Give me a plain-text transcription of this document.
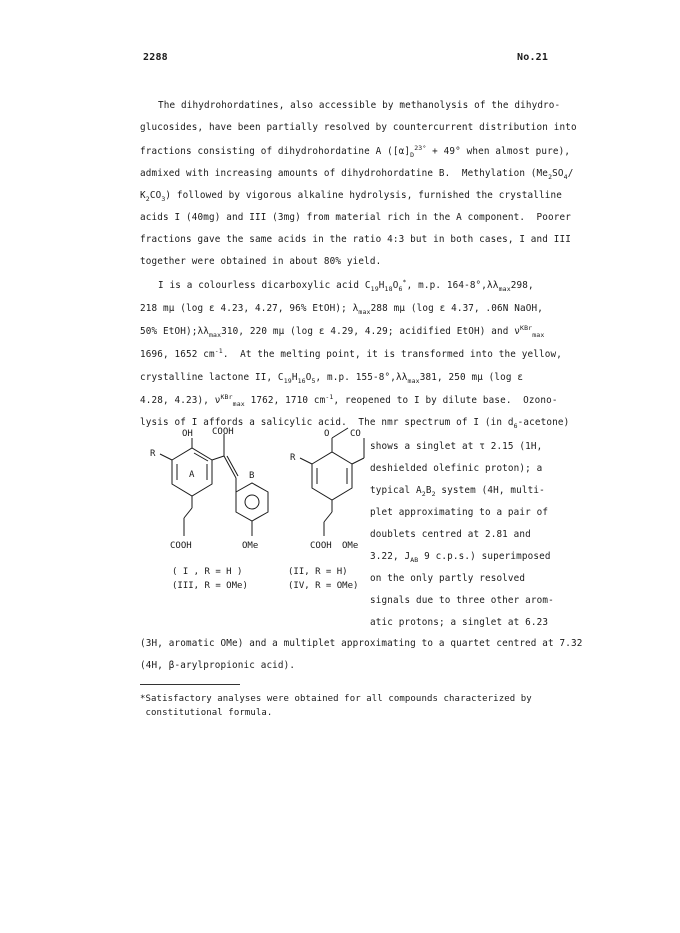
2288	No.21
The dihydrohordatines, also accessible by methanolysis of the dihydro-
glucosides, have been partially resolved by countercurrent distribution into
fractions consisting of dihydrohordatine A ($[\alpha]_D^{23^\circ} + 49^\circ$ when almost pure),
admixed with increasing amounts of dihydrohordatine B.  Methylation ($Me_2SO_4/$
$K_2CO_3$) followed by vigorous alkaline hydrolysis, furnished the crystalline
acids I (40mg) and III (3mg) from material rich in the A component.  Poorer
fractions gave the same acids in the ratio 4:3 but in both cases, I and III
together were obtained in about 80% yield.
I is a colourless dicarboxylic acid $C_{19}H_{18}O_6^*$, m.p. $164-8^\circ,\lambda\lambda_{max}298$,
218 mμ (log ε 4.23, 4.27, 96% EtOH); $\lambda_{max}288$ mμ (log ε 4.37, .06N NaOH,
50% $EtOH);\lambda\lambda_{max}310$, 220 mμ (log ε 4.29, 4.29; acidified EtOH) and $\nu^{KBr}_{max}$
1696, 1652 $cm^{-1}$.  At the melting point, it is transformed into the yellow,
crystalline lactone II, $C_{19}H_{16}O_5$, m.p. $155-8^\circ,\lambda\lambda_{max}381$, 250 mμ (log ε
4.28, 4.23), $\nu^{KBr}_{max}$ 1762, 1710 $cm^{-1}$, reopened to I by dilute base.  Ozono-
lysis of I affords a salicylic acid.  The nmr spectrum of I (in $d_6-acetone$)
shows a singlet at τ 2.15 (1H,
deshielded olefinic proton); a
typical $A_2B_2$ system (4H, multi-
plet approximating to a pair of
doublets centred at 2.81 and
3.22, $J_{AB}$ 9 c.p.s.) superimposed
on the only partly resolved
signals due to three other arom-
atic protons; a singlet at 6.23
OH COOH
R
A	B
COOH	OMe
( I , R = H )
(III, R = OMe)
O CO
R
COOH OMe
(II, R = H)
(IV, R = OMe)
(3H, aromatic OMe) and a multiplet approximating to a quartet centred at 7.32
(4H, β-arylpropionic acid).
*Satisfactory analyses were obtained for all compounds characterized by
constitutional formula.
